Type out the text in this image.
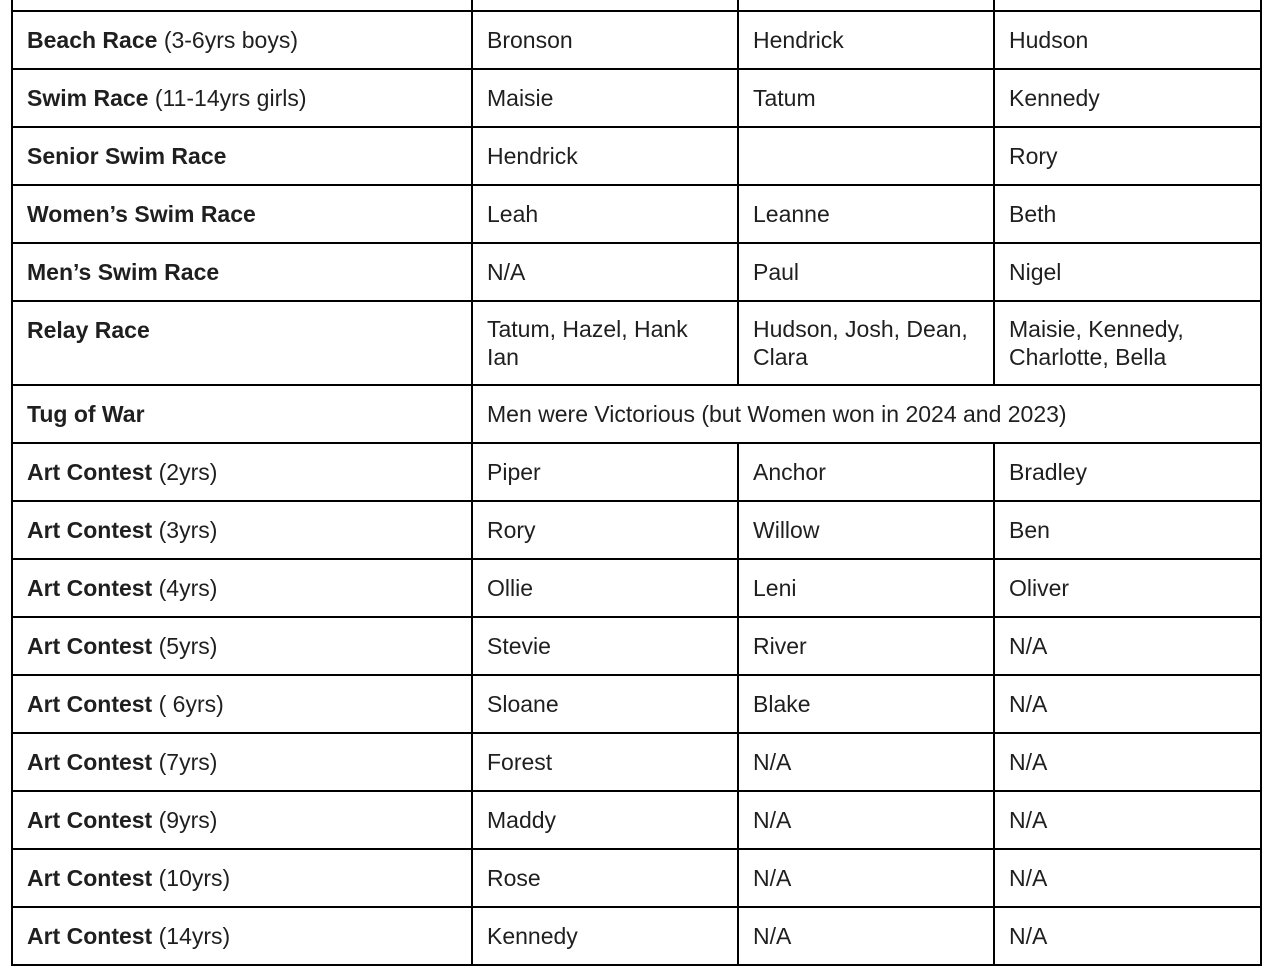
Beach Race (3-6yrs boys)	Bronson	Hendrick	Hudson
Swim Race (11-14yrs girls)	Maisie	Tatum	Kennedy
Senior Swim Race	Hendrick		Rory
Women’s Swim Race	Leah	Leanne	Beth
Men’s Swim Race	N/A	Paul	Nigel
Relay Race	Tatum, Hazel, Hank Ian	Hudson, Josh, Dean, Clara	Maisie, Kennedy, Charlotte, Bella
Tug of War	Men were Victorious (but Women won in 2024 and 2023)		
Art Contest (2yrs)	Piper	Anchor	Bradley
Art Contest (3yrs)	Rory	Willow	Ben
Art Contest (4yrs)	Ollie	Leni	Oliver
Art Contest (5yrs)	Stevie	River	N/A
Art Contest ( 6yrs)	Sloane	Blake	N/A
Art Contest (7yrs)	Forest	N/A	N/A
Art Contest (9yrs)	Maddy	N/A	N/A
Art Contest (10yrs)	Rose	N/A	N/A
Art Contest (14yrs)	Kennedy	N/A	N/A
